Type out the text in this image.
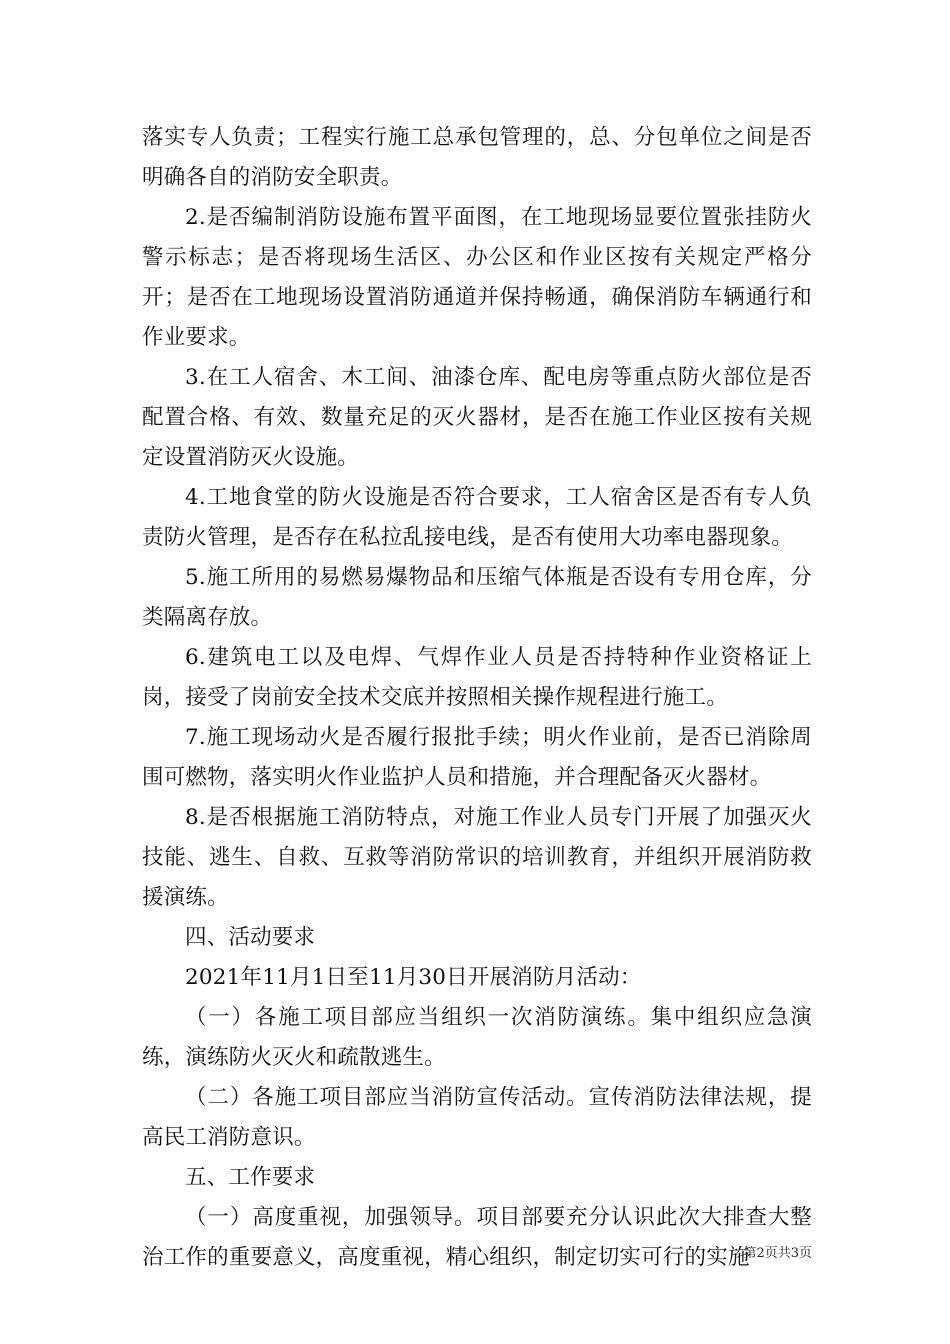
落实专人负责；工程实行施工总承包管理的，总、分包单位之间是否明确各自的消防安全职责。

2.是否编制消防设施布置平面图，在工地现场显要位置张挂防火警示标志；是否将现场生活区、办公区和作业区按有关规定严格分开；是否在工地现场设置消防通道并保持畅通，确保消防车辆通行和作业要求。

3.在工人宿舍、木工间、油漆仓库、配电房等重点防火部位是否配置合格、有效、数量充足的灭火器材，是否在施工作业区按有关规定设置消防灭火设施。

4.工地食堂的防火设施是否符合要求，工人宿舍区是否有专人负责防火管理，是否存在私拉乱接电线，是否有使用大功率电器现象。

5.施工所用的易燃易爆物品和压缩气体瓶是否设有专用仓库，分类隔离存放。

6.建筑电工以及电焊、气焊作业人员是否持特种作业资格证上岗，接受了岗前安全技术交底并按照相关操作规程进行施工。

7.施工现场动火是否履行报批手续；明火作业前，是否已消除周围可燃物，落实明火作业监护人员和措施，并合理配备灭火器材。

8.是否根据施工消防特点，对施工作业人员专门开展了加强灭火技能、逃生、自救、互救等消防常识的培训教育，并组织开展消防救援演练。

四、活动要求

2021年11月1日至11月30日开展消防月活动：

（一）各施工项目部应当组织一次消防演练。集中组织应急演练，演练防火灭火和疏散逃生。

（二）各施工项目部应当消防宣传活动。宣传消防法律法规，提高民工消防意识。

五、工作要求

（一）高度重视，加强领导。项目部要充分认识此次大排查大整治工作的重要意义，高度重视，精心组织，制定切实可行的实施

第2页共3页
